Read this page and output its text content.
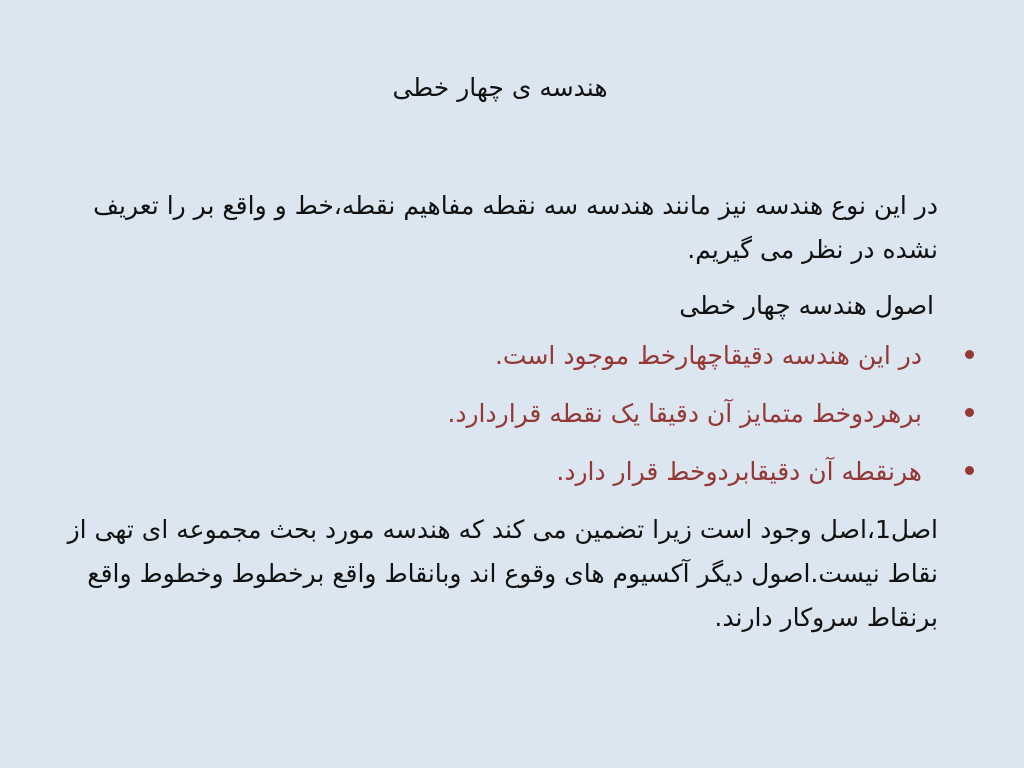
هندسه ی چهار خطی

در این نوع هندسه نیز مانند هندسه سه نقطه مفاهیم نقطه،خط و واقع بر را تعریف نشده در نظر می گیریم.

اصول هندسه چهار خطی

در این هندسه دقیقاچهارخط موجود است.
برهردوخط متمایز آن دقیقا یک نقطه قراردارد.
هرنقطه آن دقیقابردوخط قرار دارد.

اصل1،اصل وجود است زیرا تضمین می کند که هندسه مورد بحث مجموعه ای تهی از نقاط نیست.اصول دیگر آکسیوم های وقوع اند وبانقاط واقع برخطوط وخطوط واقع برنقاط سروکار دارند.
